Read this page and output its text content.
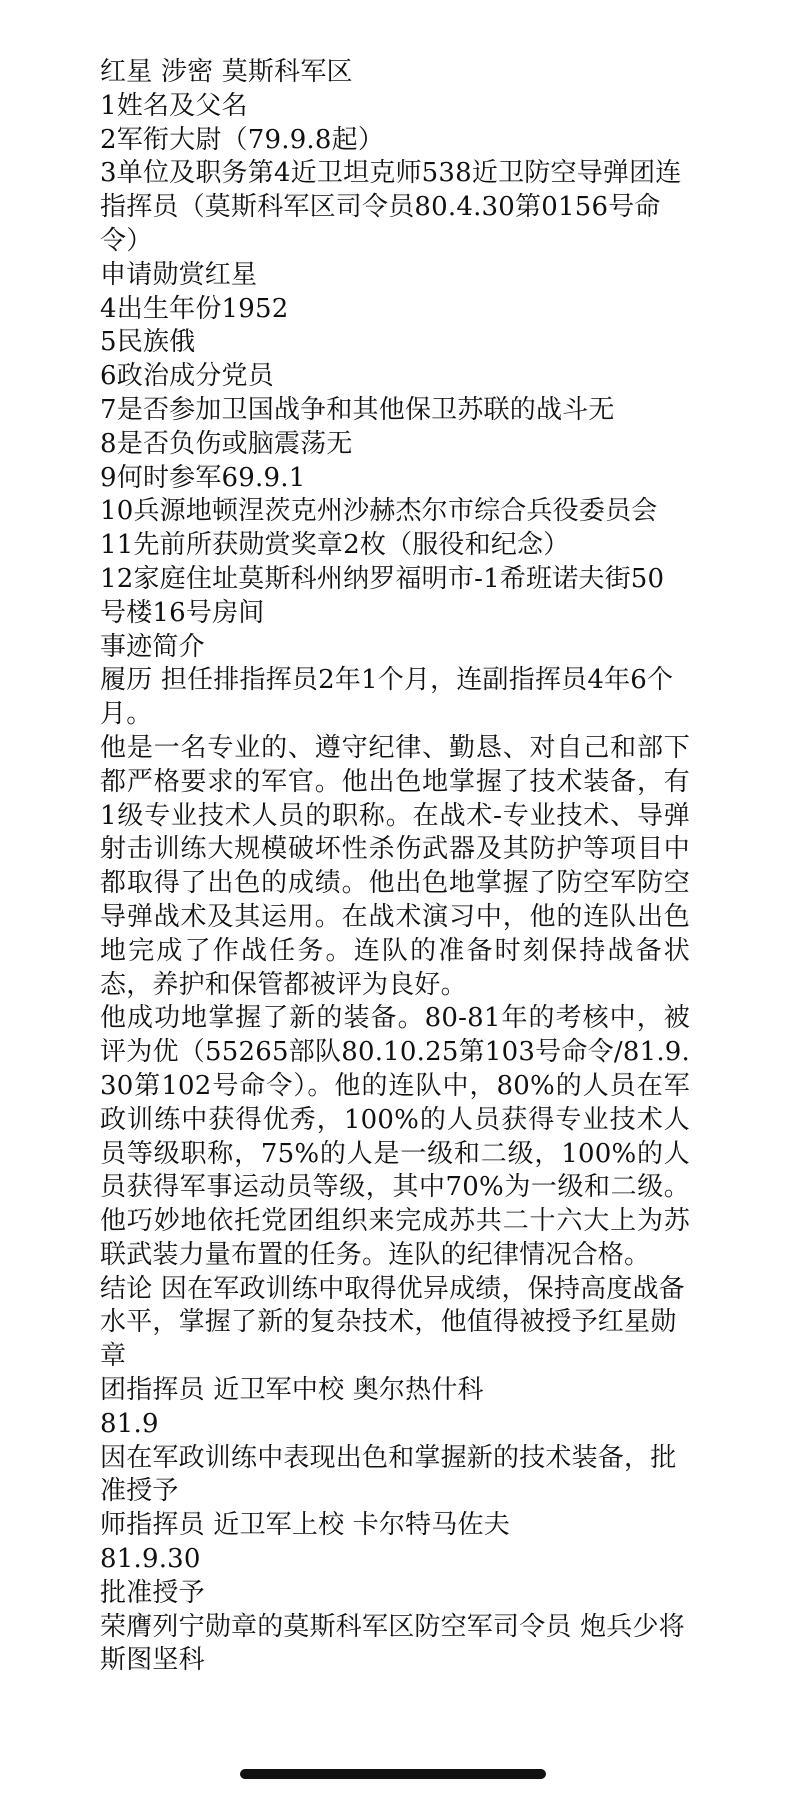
红星 涉密 莫斯科军区

1姓名及父名

2军衔大尉（79.9.8起）

3单位及职务第4近卫坦克师538近卫防空导弹团连指挥员（莫斯科军区司令员80.4.30第0156号命令）

申请勋赏红星

4出生年份1952

5民族俄

6政治成分党员

7是否参加卫国战争和其他保卫苏联的战斗无

8是否负伤或脑震荡无

9何时参军69.9.1

10兵源地顿涅茨克州沙赫杰尔市综合兵役委员会

11先前所获勋赏奖章2枚（服役和纪念）

12家庭住址莫斯科州纳罗福明市-1希班诺夫街50号楼16号房间

事迹简介

履历 担任排指挥员2年1个月，连副指挥员4年6个月。

他是一名专业的、遵守纪律、勤恳、对自己和部下都严格要求的军官。他出色地掌握了技术装备，有1级专业技术人员的职称。在战术-专业技术、导弹射击训练大规模破坏性杀伤武器及其防护等项目中都取得了出色的成绩。他出色地掌握了防空军防空导弹战术及其运用。在战术演习中，他的连队出色地完成了作战任务。连队的准备时刻保持战备状态，养护和保管都被评为良好。

他成功地掌握了新的装备。80-81年的考核中，被评为优（55265部队80.10.25第103号命令/81.9.30第102号命令）。他的连队中，80%的人员在军政训练中获得优秀，100%的人员获得专业技术人员等级职称，75%的人是一级和二级，100%的人员获得军事运动员等级，其中70%为一级和二级。他巧妙地依托党团组织来完成苏共二十六大上为苏联武装力量布置的任务。连队的纪律情况合格。

结论 因在军政训练中取得优异成绩，保持高度战备水平，掌握了新的复杂技术，他值得被授予红星勋章

团指挥员 近卫军中校 奥尔热什科

81.9

因在军政训练中表现出色和掌握新的技术装备，批准授予

师指挥员 近卫军上校 卡尔特马佐夫

81.9.30

批准授予

荣膺列宁勋章的莫斯科军区防空军司令员 炮兵少将 斯图坚科
